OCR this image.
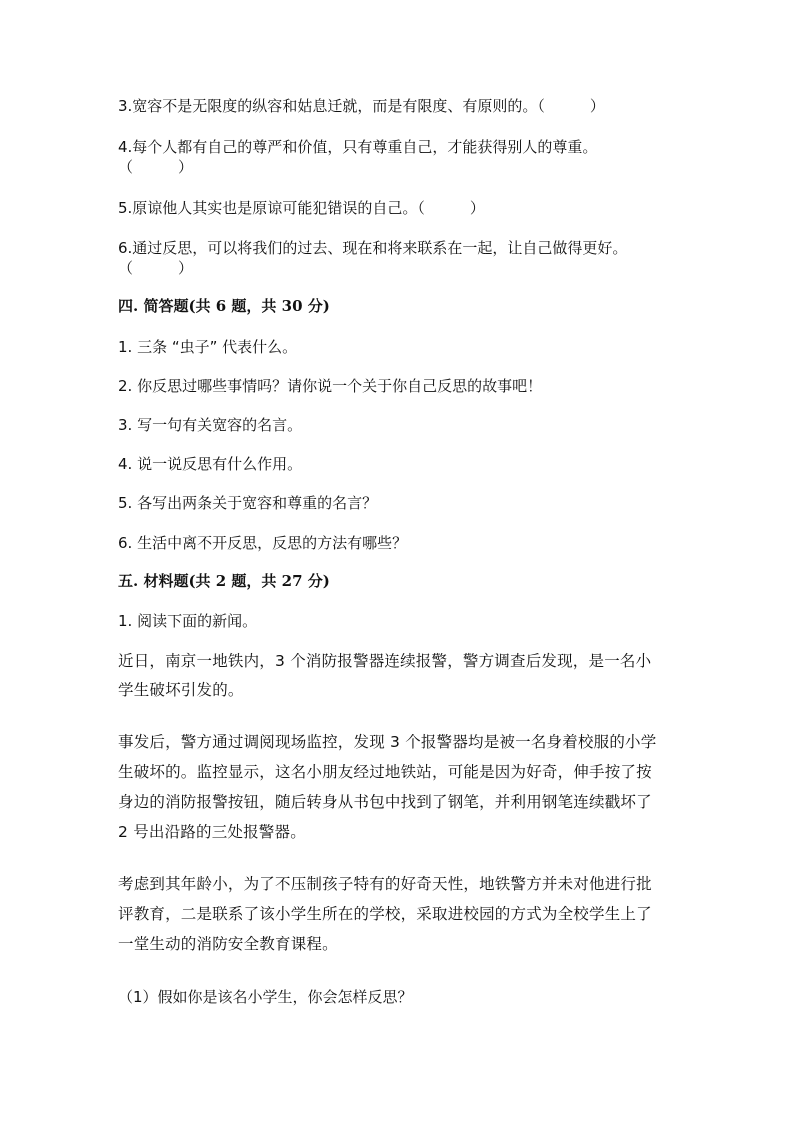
3.宽容不是无限度的纵容和姑息迁就，而是有限度、有原则的。（　　　）
4.每个人都有自己的尊严和价值，只有尊重自己，才能获得别人的尊重。
（　　　）
5.原谅他人其实也是原谅可能犯错误的自己。（　　　）
6.通过反思，可以将我们的过去、现在和将来联系在一起，让自己做得更好。
（　　　）
四. 简答题(共 6 题，共 30 分)
1. 三条 “虫子” 代表什么。
2. 你反思过哪些事情吗？请你说一个关于你自己反思的故事吧！
3. 写一句有关宽容的名言。
4. 说一说反思有什么作用。
5. 各写出两条关于宽容和尊重的名言？
6. 生活中离不开反思，反思的方法有哪些？
五. 材料题(共 2 题，共 27 分)
1. 阅读下面的新闻。
近日，南京一地铁内，3 个消防报警器连续报警，警方调查后发现，是一名小
学生破坏引发的。
事发后，警方通过调阅现场监控，发现 3 个报警器均是被一名身着校服的小学
生破坏的。监控显示，这名小朋友经过地铁站，可能是因为好奇，伸手按了按
身边的消防报警按钮，随后转身从书包中找到了钢笔，并利用钢笔连续戳坏了
2 号出沿路的三处报警器。
考虑到其年龄小，为了不压制孩子特有的好奇天性，地铁警方并未对他进行批
评教育，二是联系了该小学生所在的学校，采取进校园的方式为全校学生上了
一堂生动的消防安全教育课程。
（1）假如你是该名小学生，你会怎样反思？
